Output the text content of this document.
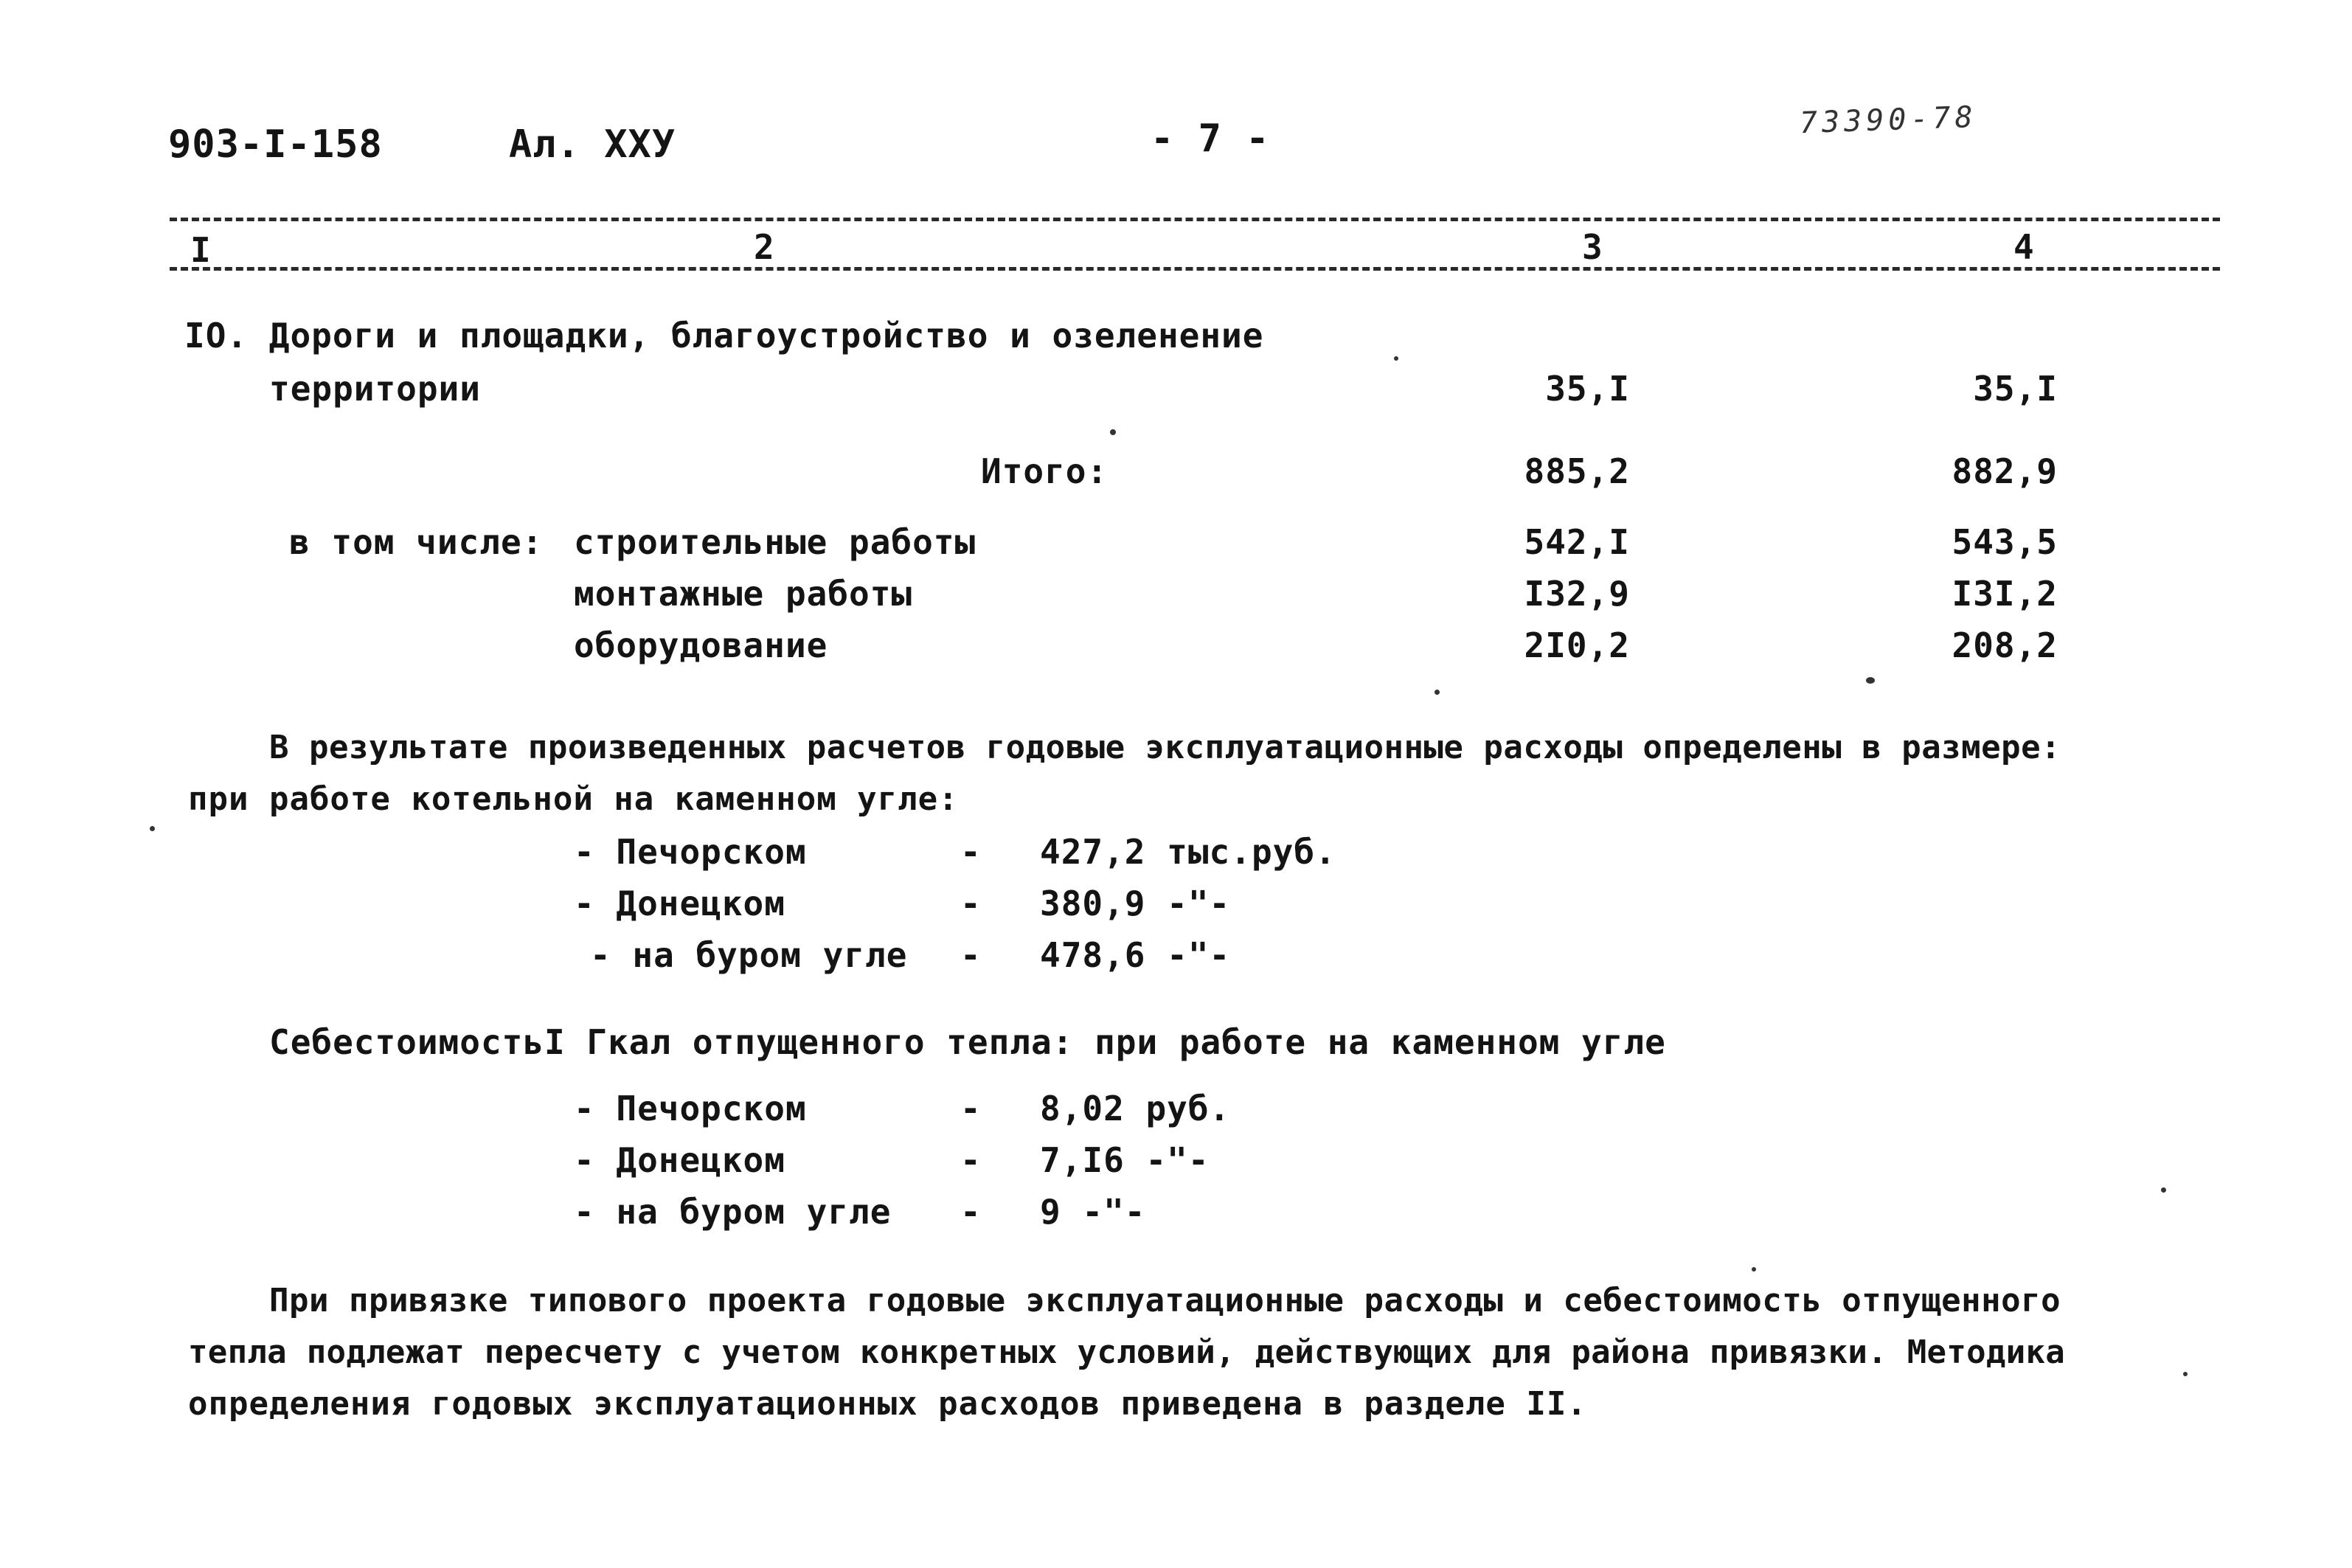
903-I-158	Ал. XXУ	- 7 -	73390-78
I	2	3	4
IO. Дороги и площадки, благоустройство и озеленение
территории	35,I	35,I
Итого:	885,2	882,9
в том числе: строительные работы	542,I	543,5
монтажные работы	I32,9	I3I,2
оборудование	2I0,2	208,2
В результате произведенных расчетов годовые эксплуатационные расходы определены в размере:
при работе котельной на каменном угле:
- Печорском	- 427,2 тыс.руб.
- Донецком	- 380,9 -"-
- на буром угле - 478,6 -"-
СебестоимостьI Гкал отпущенного тепла: при работе на каменном угле
- Печорском	- 8,02 руб.
- Донецком	- 7,I6 -"-
- на буром угле - 9 -"-
При привязке типового проекта годовые эксплуатационные расходы и себестоимость отпущенного
тепла подлежат пересчету с учетом конкретных условий, действующих для района привязки. Методика
определения годовых эксплуатационных расходов приведена в разделе II.
